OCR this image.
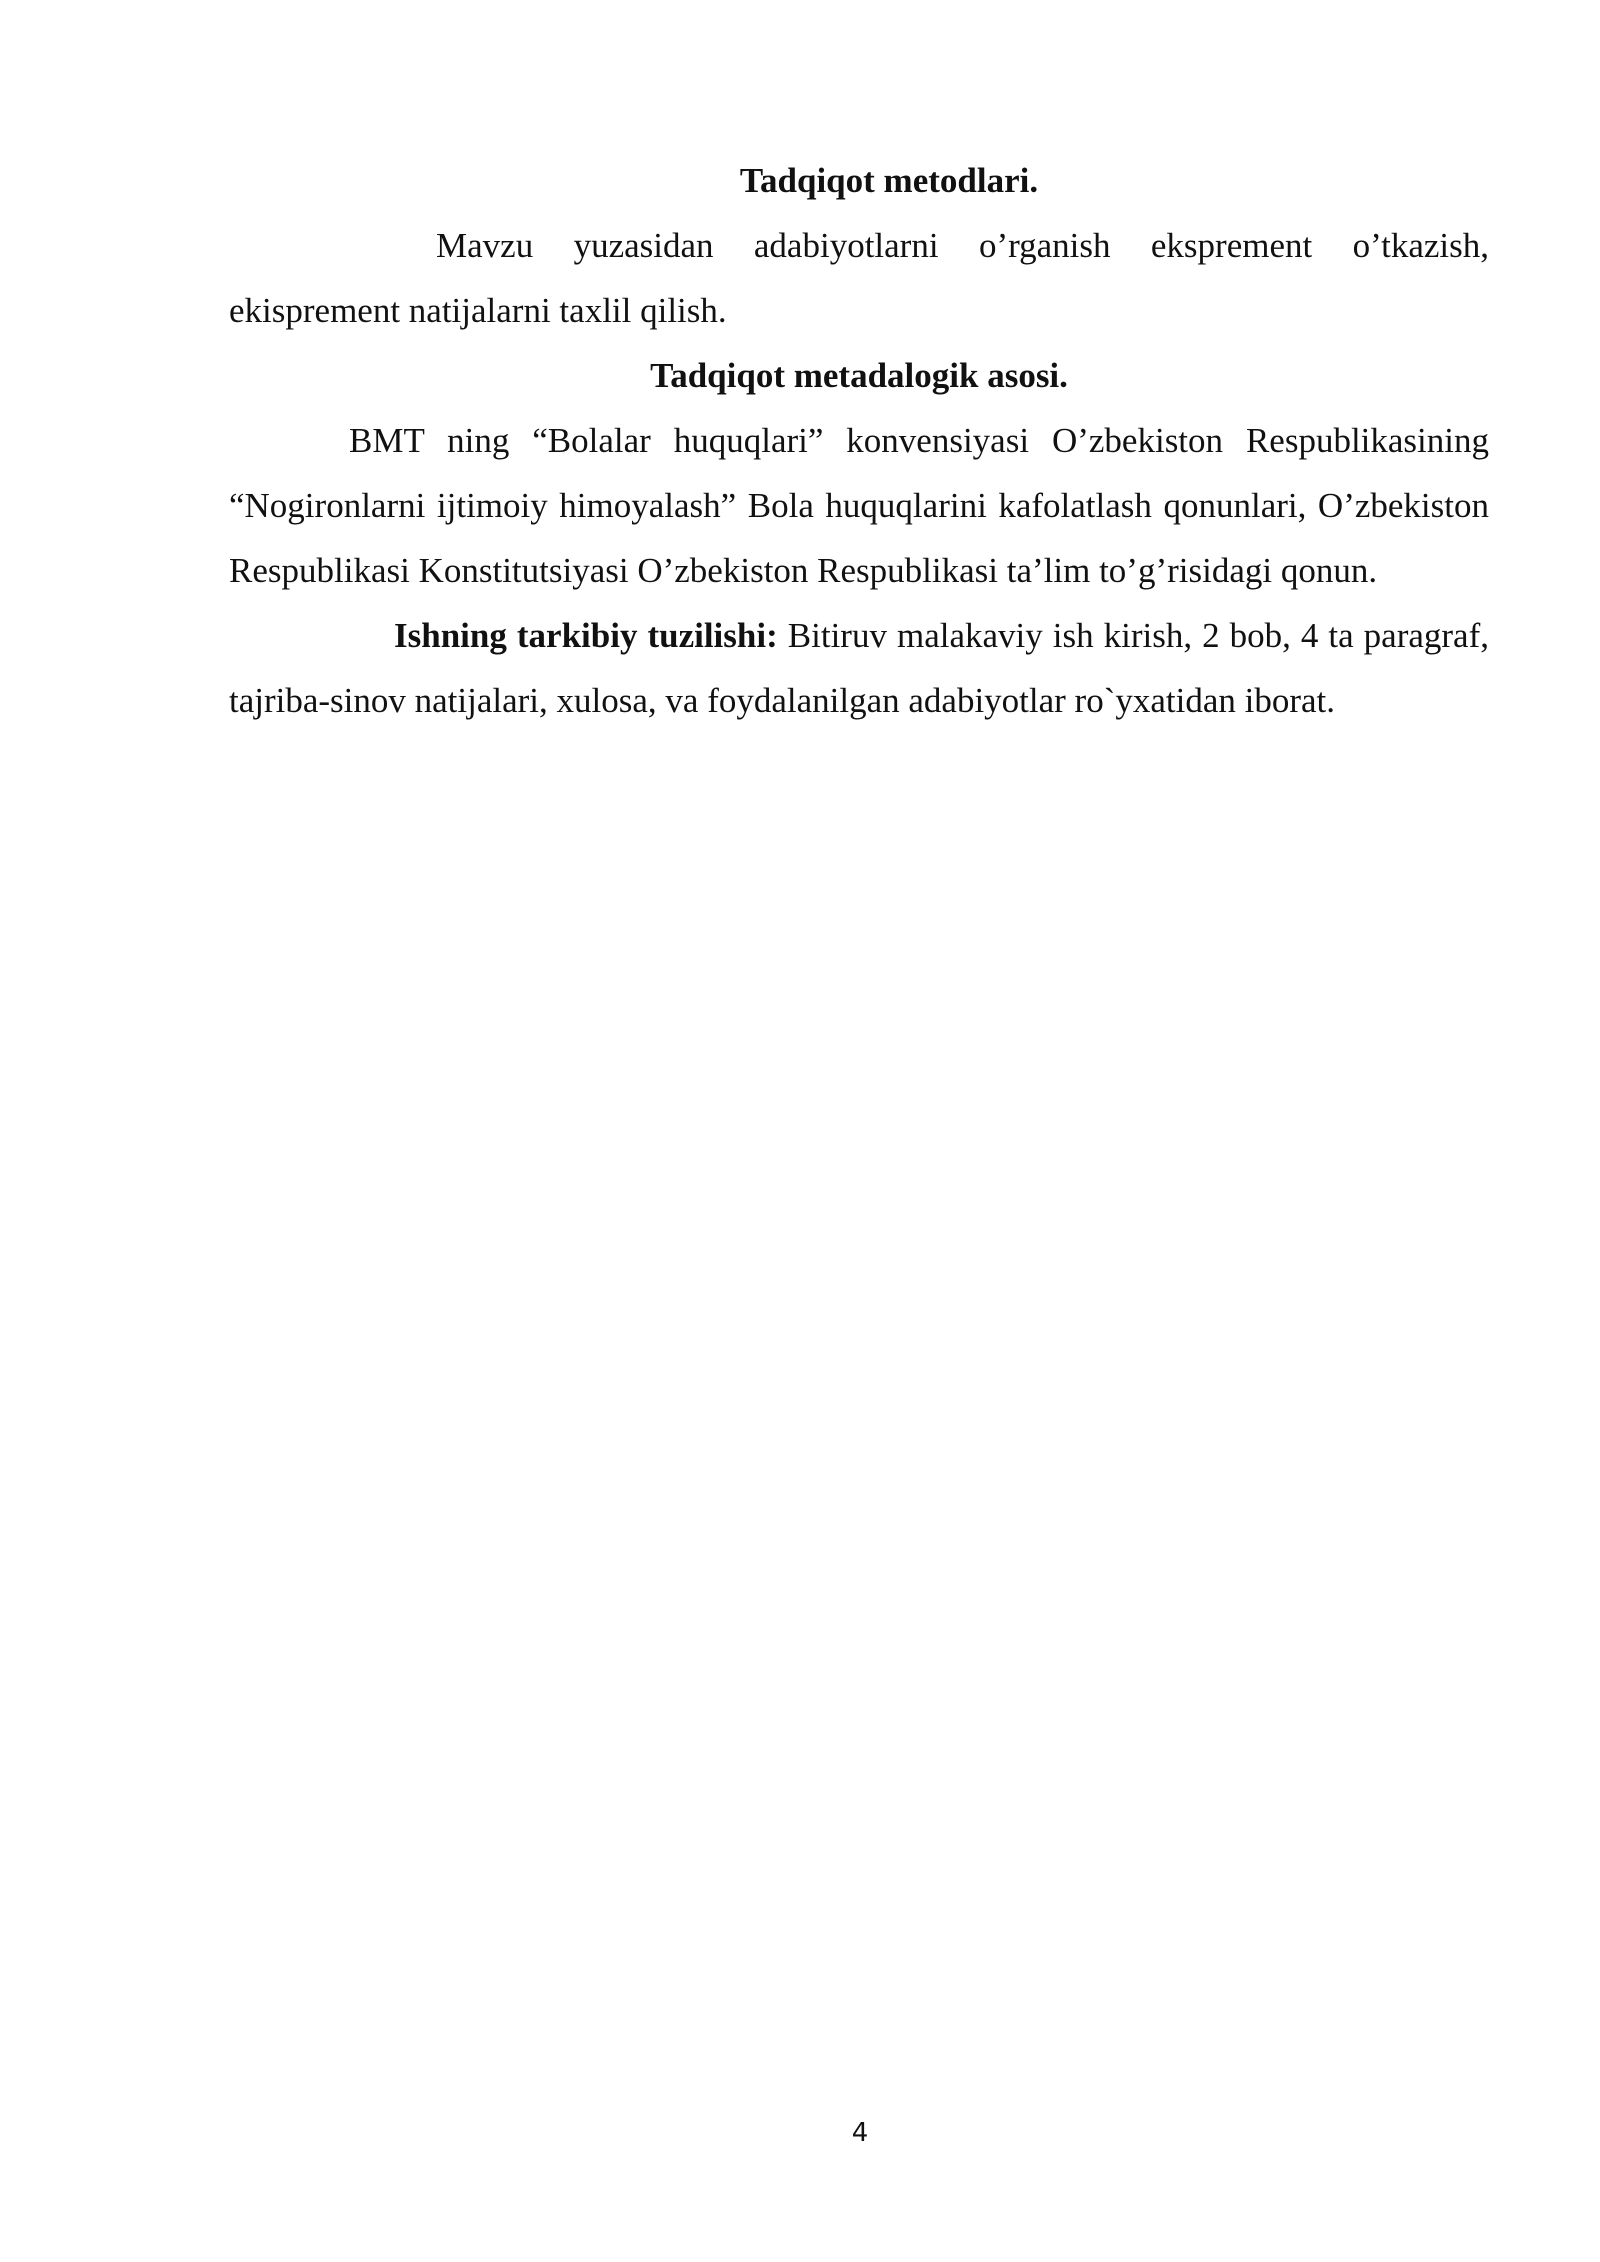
Tadqiqot metodlari.

Mavzu yuzasidan adabiyotlarni o’rganish ekspremеnt o’tkazish, ekisprement natijalarni taxlil qilish.

Tadqiqot metadalogik asosi.

BMT ning “Bolalar huquqlari” konvensiyasi O’zbekiston Respublikasining “Nogironlarni ijtimoiy himoyalash” Bola huquqlarini kafolatlash qonunlari, O’zbekiston Respublikasi Konstitutsiyasi O’zbekiston Respublikasi ta’lim to’g’risidagi qonun.

Ishning tarkibiy tuzilishi: Bitiruv malakaviy ish kirish, 2 bob, 4 ta paragraf, tajriba-sinov natijalari, xulosa, va foydalanilgan adabiyotlar ro`yxatidan iborat.

4
